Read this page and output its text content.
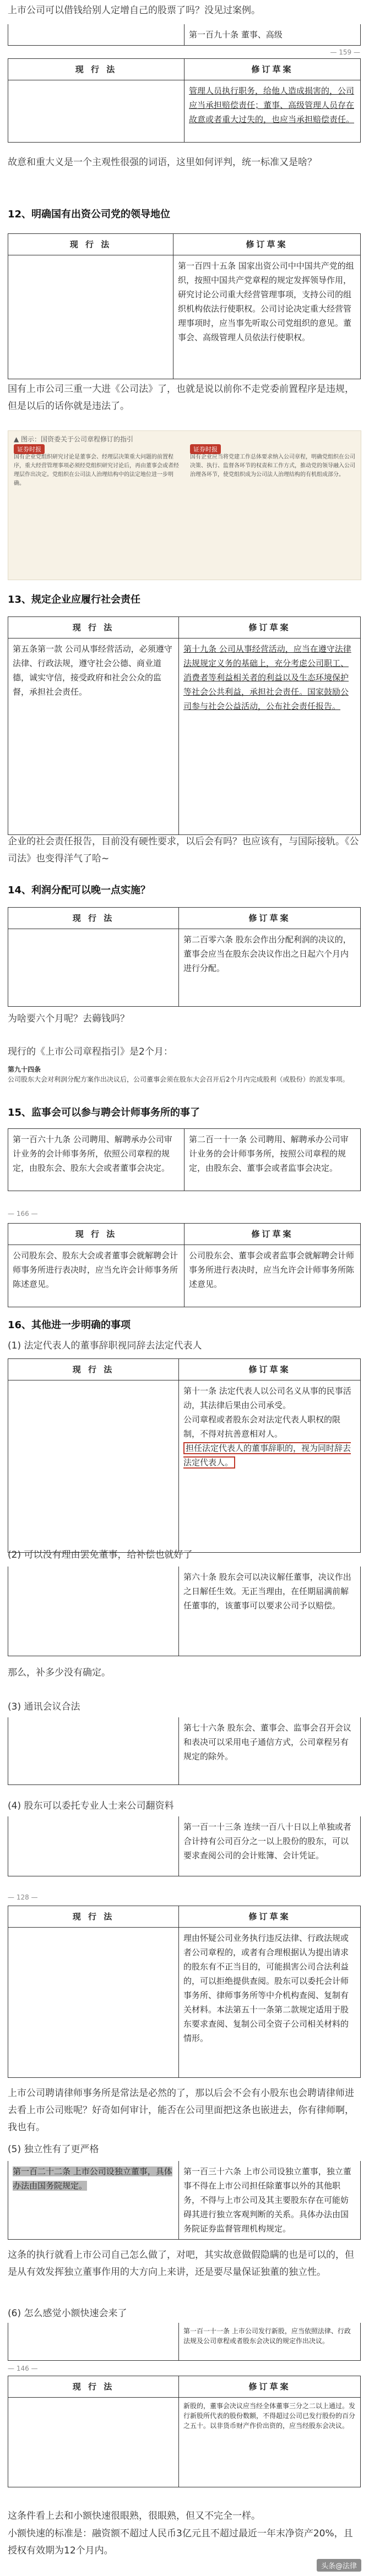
上市公司可以借钱给别人定增自己的股票了吗？没见过案例。
	第一百九十条 董事、高级
— 159 —
现 行 法	修订草案
	管理人员执行职务，给他人造成损害的，公司应当承担赔偿责任；董事、高级管理人员存在故意或者重大过失的，也应当承担赔偿责任。
故意和重大义是一个主观性很强的词语，这里如何评判，统一标准又是啥？
12、明确国有出资公司党的领导地位
现 行 法	修订草案
	第一百四十五条 国家出资公司中中国共产党的组织，按照中国共产党章程的规定发挥领导作用，研究讨论公司重大经营管理事项，支持公司的组织机构依法行使职权。公司讨论决定重大经营管理事项时，应当事先听取公司党组织的意见。董事会、高级管理人员依法行使职权。
国有上市公司三重一大进《公司法》了，也就是说以前你不走党委前置程序是违规，但是以后的话你就是违法了。
▲ 图示：国资委关于公司章程修订的指引
证券时报	证券时报
国有企业党组织研究讨论是董事会、经理层决策重大问题的前置程序，重大经营管理事项必须经党组织研究讨论后，再由董事会或者经理层作出决定。党组织在公司法人治理结构中的法定地位进一步明确。
国有企业应当将党建工作总体要求纳入公司章程，明确党组织在公司决策、执行、监督各环节的权责和工作方式，推动党的领导融入公司治理各环节，使党组织成为公司法人治理结构的有机组成部分。
13、规定企业应履行社会责任
现 行 法	修订草案
第五条第一款 公司从事经营活动，必须遵守法律、行政法规，遵守社会公德、商业道德，诚实守信，接受政府和社会公众的监督，承担社会责任。	第十九条 公司从事经营活动，应当在遵守法律法规规定义务的基础上，充分考虑公司职工、消费者等利益相关者的利益以及生态环境保护等社会公共利益，承担社会责任。国家鼓励公司参与社会公益活动，公布社会责任报告。
企业的社会责任报告，目前没有硬性要求，以后会有吗？也应该有，与国际接轨。《公司法》也变得洋气了哈~
14、利润分配可以晚一点实施？
现 行 法	修订草案
	第二百零六条 股东会作出分配利润的决议的，董事会应当在股东会决议作出之日起六个月内进行分配。
为啥要六个月呢？去薅钱吗？
现行的《上市公司章程指引》是2个月：
第九十四条
公司股东大会对利润分配方案作出决议后，公司董事会须在股东大会召开后2个月内完成股利（或股份）的派发事项。
15、监事会可以参与聘会计师事务所的事了
第一百六十九条 公司聘用、解聘承办公司审计业务的会计师事务所，依照公司章程的规定，由股东会、股东大会或者董事会决定。	第二百一十一条 公司聘用、解聘承办公司审计业务的会计师事务所，按照公司章程的规定，由股东会、董事会或者监事会决定。
— 166 —
现 行 法	修订草案
公司股东会、股东大会或者董事会就解聘会计师事务所进行表决时，应当允许会计师事务所陈述意见。	公司股东会、董事会或者监事会就解聘会计师事务所进行表决时，应当允许会计师事务所陈述意见。
16、其他进一步明确的事项
(1) 法定代表人的董事辞职视同辞去法定代表人
现 行 法	修订草案

	第十一条 法定代表人以公司名义从事的民事活动，其法律后果由公司承受。
公司章程或者股东会对法定代表人职权的限制，不得对抗善意相对人。
担任法定代表人的董事辞职的，视为同时辞去法定代表人。
(2) 可以没有理由罢免董事，给补偿也就好了
	第六十条 股东会可以决议解任董事，决议作出之日解任生效。无正当理由，在任期届满前解任董事的，该董事可以要求公司予以赔偿。
那么，补多少没有确定。
(3) 通讯会议合法
	第七十六条 股东会、董事会、监事会召开会议和表决可以采用电子通信方式，公司章程另有规定的除外。
(4) 股东可以委托专业人士来公司翻资料
	第一百一十三条 连续一百八十日以上单独或者合计持有公司百分之一以上股份的股东，可以要求查阅公司的会计账簿、会计凭证。
— 128 —
现 行 法	修订草案
	理由怀疑公司业务执行违反法律、行政法规或者公司章程的，或者有合理根据认为提出请求的股东有不正当目的，可能损害公司合法利益的，可以拒绝提供查阅。股东可以委托会计师事务所、律师事务所等中介机构查阅、复制有关材料。本法第五十一条第二款规定适用于股东要求查阅、复制公司全资子公司相关材料的情形。
上市公司聘请律师事务所是常法是必然的了，那以后会不会有小股东也会聘请律师进去看上市公司账呢？好奇如何审计，能否在公司里面把这条也嵌进去，你有律师啊，我也有。
(5) 独立性有了更严格
第一百二十二条 上市公司设独立董事，具体办法由国务院规定。	第一百三十六条 上市公司设独立董事，独立董事不得在上市公司担任除董事以外的其他职务，不得与上市公司及其主要股东存在可能妨碍其进行独立客观判断的关系。具体办法由国务院证券监督管理机构规定。
这条的执行就看上市公司自己怎么做了，对吧，其实故意做假隐瞒的也是可以的，但是从有效发挥独立董事作用的大方向上来讲，还是要尽量保证独董的独立性。
(6) 怎么感觉小额快速会来了
	第一百一十一条 上市公司发行新股，应当依照法律、行政法规及公司章程或者股东会决议的规定作出决议。
— 146 —
现 行 法	修订草案
	新股的，董事会决议应当经全体董事三分之二以上通过。发行新股所代表的股份数额，不得超过公司已发行股份的百分之五十。以非货币财产作价出资的，应当经股东会决议。
这条件看上去和小额快速很眼熟，很眼熟，但又不完全一样。
小额快速的标准是：融资额不超过人民币3亿元且不超过最近一年末净资产20%，且授权有效期为12个月内。
头条@法律
